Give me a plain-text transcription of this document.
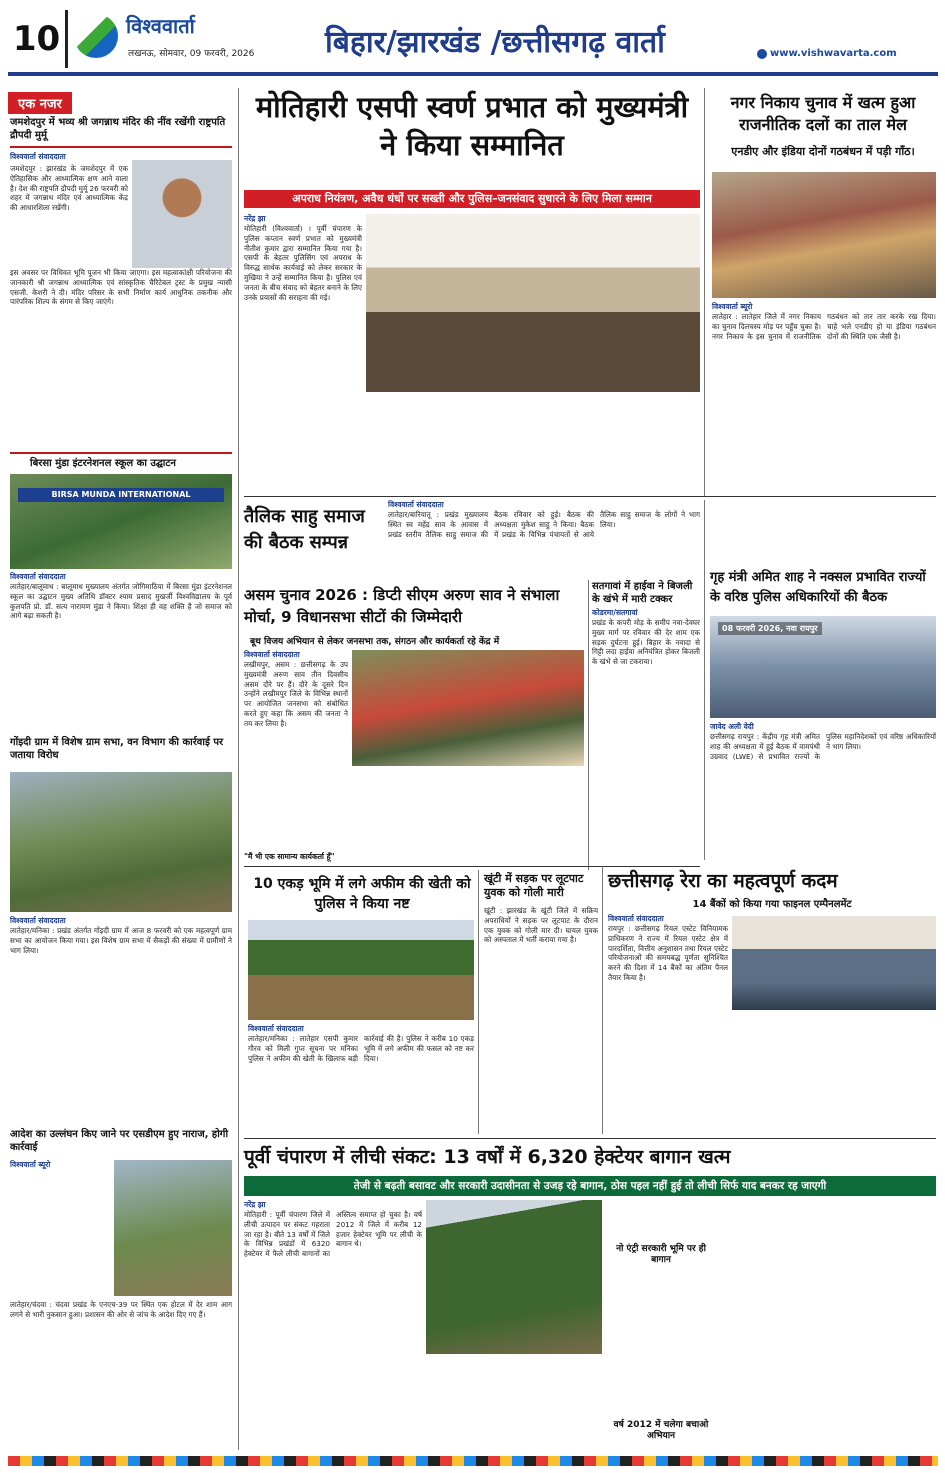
10	विश्ववार्ता
लखनऊ, सोमवार, 09 फरवरी, 2026 बिहार/झारखंड /छत्तीसगढ़ वार्ता	www.vishwavarta.com
एक नजर
जमशेदपुर में भव्य श्री जगन्नाथ मंदिर की नींव रखेंगी राष्ट्रपति द्रौपदी मुर्मू
विश्ववार्ता संवाददाता
जमशेदपुर : झारखंड के जमशेदपुर में एक ऐतिहासिक और आध्यात्मिक क्षण आने वाला है। देश की राष्ट्रपति द्रौपदी मुर्मू 26 फरवरी को शहर में जगन्नाथ मंदिर एवं आध्यात्मिक केंद्र की आधारशिला रखेंगी।
इस अवसर पर विधिवत भूमि पूजन भी किया जाएगा। इस महत्वाकांक्षी परियोजना की जानकारी श्री जगन्नाथ आध्यात्मिक एवं सांस्कृतिक चैरिटेबल ट्रस्ट के प्रमुख न्यासी एसजी. केशरी ने दी। मंदिर परिसर के सभी निर्माण कार्य आधुनिक तकनीक और पारंपरिक शिल्प के संगम से किए जाएंगे।
बिरसा मुंडा इंटरनेशनल स्कूल का उद्घाटन
BIRSA MUNDA INTERNATIONAL
विश्ववार्ता संवाददाता
लातेहार/बालूमाथ : बालूमाथ मुख्यालय अंतर्गत जोगिमाठिया में बिरसा मुंडा इंटरनेशनल स्कूल का उद्घाटन मुख्य अतिथि डॉक्टर श्याम प्रसाद मुखर्जी विश्वविद्यालय के पूर्व कुलपति प्रो. डॉ. सत्य नारायण मुंडा ने किया। शिक्षा ही वह शक्ति है जो समाज को आगे बढ़ा सकती है।
गोंइदी ग्राम में विशेष ग्राम सभा, वन विभाग की कार्रवाई पर जताया विरोध
विश्ववार्ता संवाददाता
लातेहार/मनिका : प्रखंड अंतर्गत गोंइदी ग्राम में आज 8 फरवरी को एक महत्वपूर्ण ग्राम सभा का आयोजन किया गया। इस विशेष ग्राम सभा में सैकड़ों की संख्या में ग्रामीणों ने भाग लिया।
आदेश का उल्लंघन किए जाने पर एसडीएम हुए नाराज, होगी कार्रवाई
विश्ववार्ता ब्यूरो
लातेहार/चंदवा : चंदवा प्रखंड के एनएच-39 पर स्थित एक होटल में देर शाम आग लगने से भारी नुकसान हुआ। प्रशासन की ओर से जांच के आदेश दिए गए हैं।
मोतिहारी एसपी स्वर्ण प्रभात को मुख्यमंत्री ने किया सम्मानित
अपराध नियंत्रण, अवैध धंधों पर सख्ती और पुलिस–जनसंवाद सुधारने के लिए मिला सम्मान
नरेंद्र झा
मोतिहारी (विश्ववार्ता) । पूर्वी चंपारण के पुलिस कप्तान स्वर्ण प्रभात को मुख्यमंत्री नीतीश कुमार द्वारा सम्मानित किया गया है। एसपी के बेहतर पुलिसिंग एवं अपराध के विरुद्ध सार्थक कार्यवाई को लेकर सरकार के मुखिया ने उन्हें सम्मानित किया है। पुलिस एवं जनता के बीच संवाद को बेहतर बनाने के लिए उनके प्रयासों की सराहना की गई।
नगर निकाय चुनाव में खत्म हुआ राजनीतिक दलों का ताल मेल
एनडीए और इंडिया दोनों गठबंधन में पड़ी गाँठ।
विश्ववार्ता ब्यूरो
लातेहार : लातेहार जिले में नगर निकाय का चुनाव दिलचस्प मोड़ पर पहुँच चुका है। नगर निकाय के इस चुनाव में राजनीतिक गठबंधन को तार तार करके रख दिया। चाहे भले एनडीए हो या इंडिया गठबंधन दोनों की स्थिति एक जैसी है।
तैलिक साहु समाज की बैठक सम्पन्न
विश्ववार्ता संवाददाता
लातेहार/बारियातू : प्रखंड मुख्यालय स्थित स्व महेंद्र साव के आवास में प्रखंड स्तरीय तैलिक साहु समाज की बैठक रविवार को हुई। बैठक की अध्यक्षता मुकेश साहु ने किया। बैठक में प्रखंड के विभिन्न पंचायतों से आये तैलिक साहु समाज के लोगों ने भाग लिया।
असम चुनाव 2026 : डिप्टी सीएम अरुण साव ने संभाला मोर्चा, 9 विधानसभा सीटों की जिम्मेदारी
बूथ विजय अभियान से लेकर जनसभा तक, संगठन और कार्यकर्ता रहे केंद्र में
विश्ववार्ता संवाददाता
लखीमपुर, असम : छत्तीसगढ़ के उप मुख्यमंत्री अरुण साव तीन दिवसीय असम दौरे पर हैं। दौरे के दूसरे दिन उन्होंने लखीमपुर जिले के विभिन्न स्थानों पर आयोजित जनसभा को संबोधित करते हुए कहा कि असम की जनता ने तय कर लिया है।
"मैं भी एक सामान्य कार्यकर्ता हूँ"
सतगावां में हाईवा ने बिजली के खंभे में मारी टक्कर
कोडरमा/सतगावां
प्रखंड के कपरी मोड़ के समीप नवा-देवघर मुख्य मार्ग पर रविवार की देर शाम एक सड़क दुर्घटना हुई। बिहार के नवादा से गिट्टी लदा हाईवा अनियंत्रित होकर बिजली के खंभे से जा टकराया।
गृह मंत्री अमित शाह ने नक्सल प्रभावित राज्यों के वरिष्ठ पुलिस अधिकारियों की बैठक
08 फरवरी 2026, नवा रायपुर
जावेद अली वेदी
छत्तीसगढ़ रायपुर : केंद्रीय गृह मंत्री अमित शाह की अध्यक्षता में हुई बैठक में वामपंथी उग्रवाद (LWE) से प्रभावित राज्यों के पुलिस महानिदेशकों एवं वरिष्ठ अधिकारियों ने भाग लिया।
10 एकड़ भूमि में लगे अफीम की खेती को पुलिस ने किया नष्ट
विश्ववार्ता संवाददाता
लातेहार/मनिका : लातेहार एसपी कुमार गौरव को मिली गुप्त सूचना पर मनिका पुलिस ने अफीम की खेती के खिलाफ बड़ी कार्रवाई की है। पुलिस ने करीब 10 एकड़ भूमि में लगे अफीम की फसल को नष्ट कर दिया।
खूंटी में सड़क पर लूटपाट युवक को गोली मारी
खूंटी : झारखंड के खूंटी जिले में सक्रिय अपराधियों ने सड़क पर लूटपाट के दौरान एक युवक को गोली मार दी। घायल युवक को अस्पताल में भर्ती कराया गया है।
छत्तीसगढ़ रेरा का महत्वपूर्ण कदम
14 बैंकों को किया गया फाइनल एम्पैनलमेंट
विश्ववार्ता संवाददाता
रायपुर : छत्तीसगढ़ रियल एस्टेट विनियामक प्राधिकरण ने राज्य में रियल एस्टेट क्षेत्र में पारदर्शिता, वित्तीय अनुशासन तथा रियल एस्टेट परियोजनाओं की समयबद्ध पूर्णता सुनिश्चित करने की दिशा में 14 बैंकों का अंतिम पैनल तैयार किया है।
पूर्वी चंपारण में लीची संकट: 13 वर्षों में 6,320 हेक्टेयर बागान खत्म
तेजी से बढ़ती बसावट और सरकारी उदासीनता से उजड़ रहे बागान, ठोस पहल नहीं हुई तो लीची सिर्फ याद बनकर रह जाएगी
नरेंद्र झा
मोतिहारी : पूर्वी चंपारण जिले में लीची उत्पादन पर संकट गहराता जा रहा है। बीते 13 वर्षों में जिले के विभिन्न प्रखंडों में 6320 हेक्टेयर में फैले लीची बागानों का अस्तित्व समाप्त हो चुका है। वर्ष 2012 में जिले में करीब 12 हजार हेक्टेयर भूमि पर लीची के बागान थे।
नो एंट्री सरकारी भूमि पर ही बागान
वर्ष 2012 में चलेगा बचाओ अभियान
